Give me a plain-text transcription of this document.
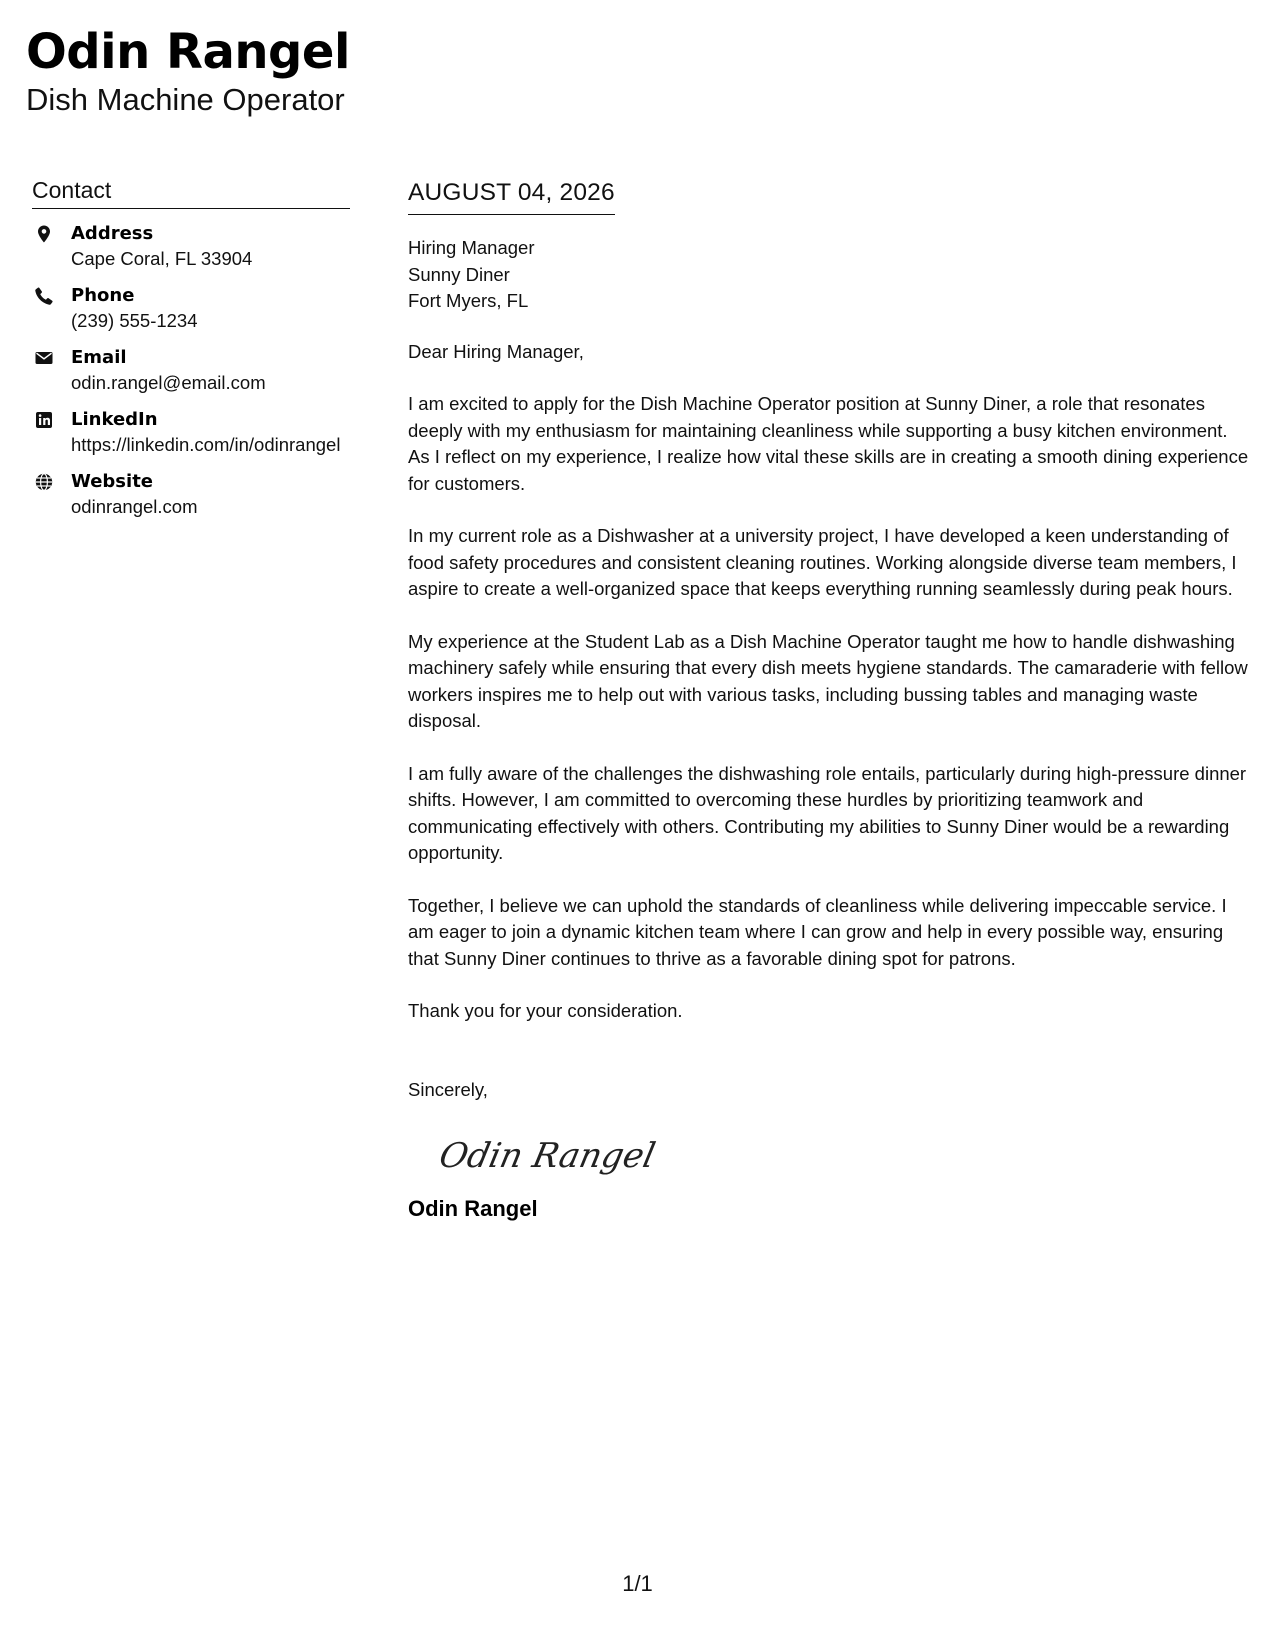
Odin Rangel
Dish Machine Operator
Contact
Address
Cape Coral, FL 33904
Phone
(239) 555-1234
Email
odin.rangel@email.com
LinkedIn
https://linkedin.com/in/odinrangel
Website
odinrangel.com
AUGUST 04, 2026
Hiring Manager
Sunny Diner
Fort Myers, FL
Dear Hiring Manager,

I am excited to apply for the Dish Machine Operator position at Sunny Diner, a role that resonates deeply with my enthusiasm for maintaining cleanliness while supporting a busy kitchen environment. As I reflect on my experience, I realize how vital these skills are in creating a smooth dining experience for customers.

In my current role as a Dishwasher at a university project, I have developed a keen understanding of food safety procedures and consistent cleaning routines. Working alongside diverse team members, I aspire to create a well-organized space that keeps everything running seamlessly during peak hours.

My experience at the Student Lab as a Dish Machine Operator taught me how to handle dishwashing machinery safely while ensuring that every dish meets hygiene standards. The camaraderie with fellow workers inspires me to help out with various tasks, including bussing tables and managing waste disposal.

I am fully aware of the challenges the dishwashing role entails, particularly during high-pressure dinner shifts. However, I am committed to overcoming these hurdles by prioritizing teamwork and communicating effectively with others. Contributing my abilities to Sunny Diner would be a rewarding opportunity.

Together, I believe we can uphold the standards of cleanliness while delivering impeccable service. I am eager to join a dynamic kitchen team where I can grow and help in every possible way, ensuring that Sunny Diner continues to thrive as a favorable dining spot for patrons.

Thank you for your consideration.

Sincerely,
Odin Rangel
Odin Rangel
1/1
